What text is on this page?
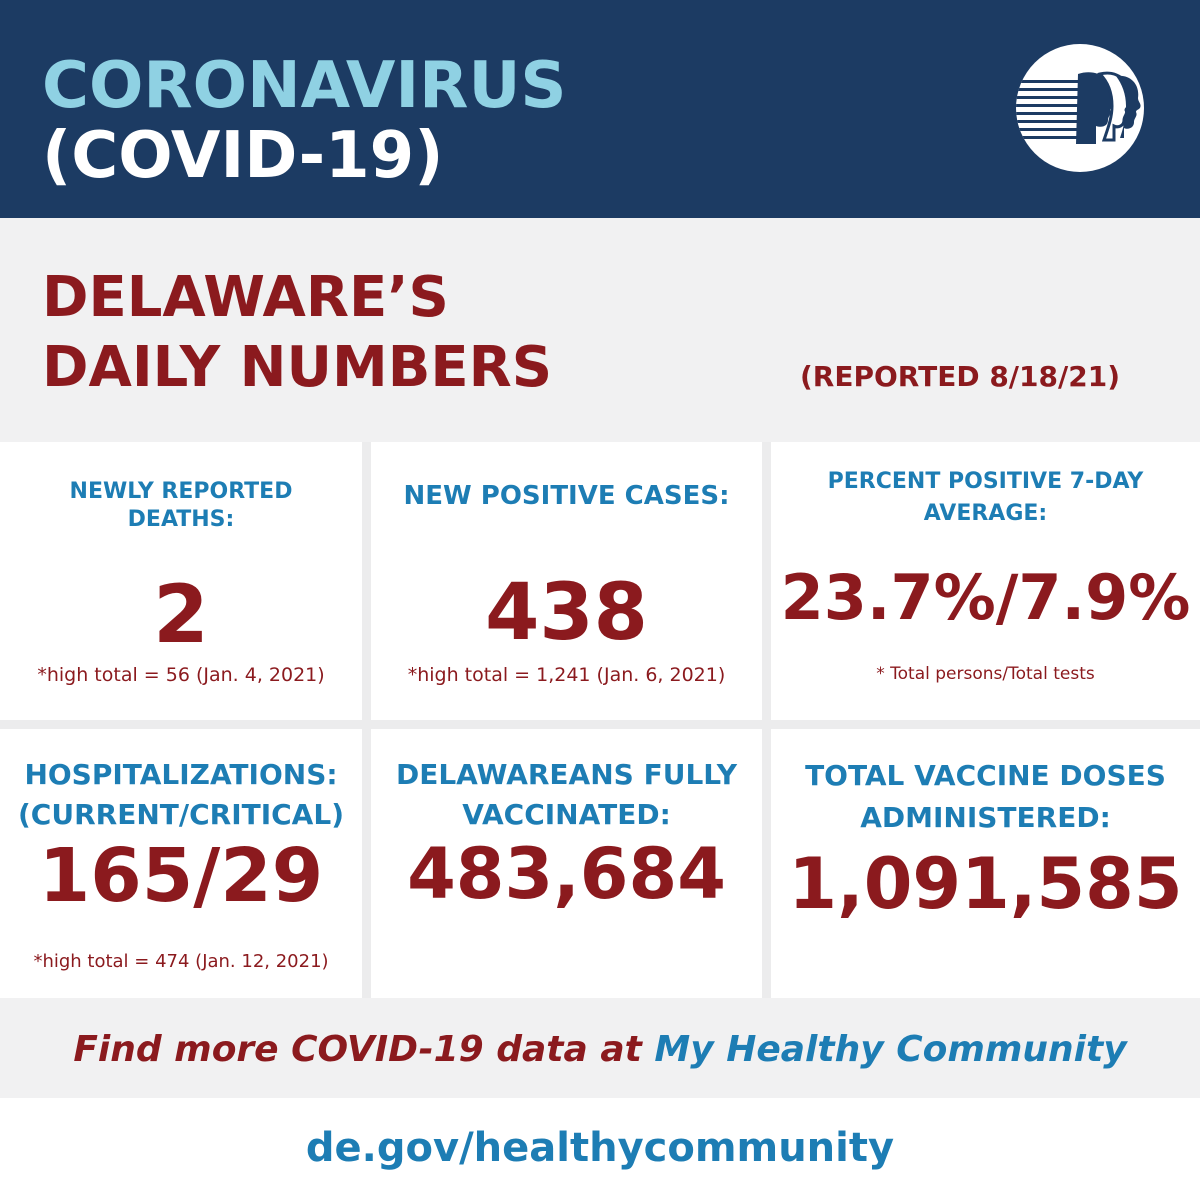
CORONAVIRUS
(COVID-19)
DELAWARE’S
DAILY NUMBERS	(REPORTED 8/18/21)
NEWLY REPORTED DEATHS:
2
*high total = 56 (Jan. 4, 2021)
NEW POSITIVE CASES:
438
*high total = 1,241 (Jan. 6, 2021)
PERCENT POSITIVE 7-DAY AVERAGE:
23.7%/7.9%
* Total persons/Total tests
HOSPITALIZATIONS: (CURRENT/CRITICAL)
165/29
*high total = 474 (Jan. 12, 2021)
DELAWAREANS FULLY VACCINATED:
483,684
TOTAL VACCINE DOSES ADMINISTERED:
1,091,585
Find more COVID-19 data at My Healthy Community
de.gov/healthycommunity
